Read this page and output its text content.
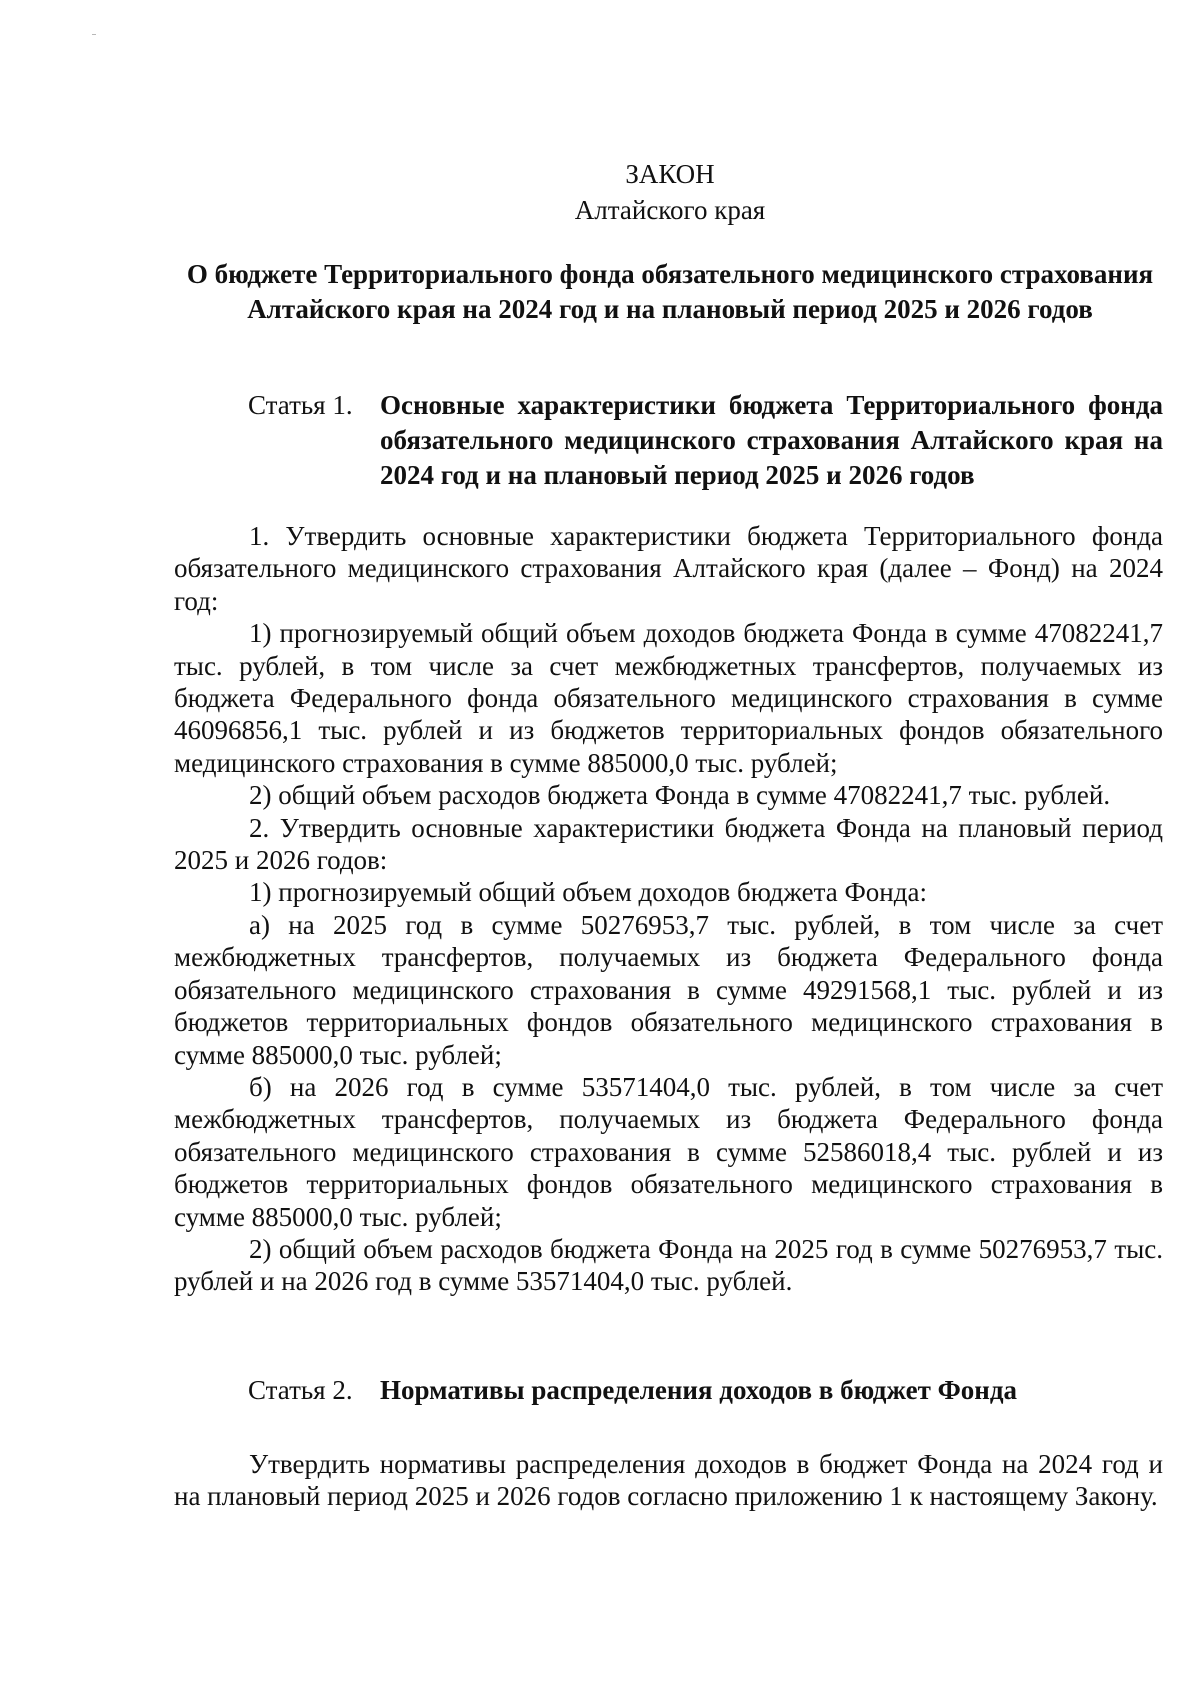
ЗАКОН
Алтайского края
О бюджете Территориального фонда обязательного медицинского страхования Алтайского края на 2024 год и на плановый период 2025 и 2026 годов
Статья 1.	Основные характеристики бюджета Территориального фонда обязательного медицинского страхования Алтайского края на 2024 год и на плановый период 2025 и 2026 годов

1. Утвердить основные характеристики бюджета Территориального фонда обязательного медицинского страхования Алтайского края (далее – Фонд) на 2024 год:

1) прогнозируемый общий объем доходов бюджета Фонда в сумме 47082241,7 тыс. рублей, в том числе за счет межбюджетных трансфертов, получаемых из бюджета Федерального фонда обязательного медицинского страхования в сумме 46096856,1 тыс. рублей и из бюджетов территориальных фондов обязательного медицинского страхования в сумме 885000,0 тыс. рублей;

2) общий объем расходов бюджета Фонда в сумме 47082241,7 тыс. рублей.

2. Утвердить основные характеристики бюджета Фонда на плановый период 2025 и 2026 годов:

1) прогнозируемый общий объем доходов бюджета Фонда:

а) на 2025 год в сумме 50276953,7 тыс. рублей, в том числе за счет межбюджетных трансфертов, получаемых из бюджета Федерального фонда обязательного медицинского страхования в сумме 49291568,1 тыс. рублей и из бюджетов территориальных фондов обязательного медицинского страхования в сумме 885000,0 тыс. рублей;

б) на 2026 год в сумме 53571404,0 тыс. рублей, в том числе за счет межбюджетных трансфертов, получаемых из бюджета Федерального фонда обязательного медицинского страхования в сумме 52586018,4 тыс. рублей и из бюджетов территориальных фондов обязательного медицинского страхования в сумме 885000,0 тыс. рублей;

2) общий объем расходов бюджета Фонда на 2025 год в сумме 50276953,7 тыс. рублей и на 2026 год в сумме 53571404,0 тыс. рублей.

Статья 2.	Нормативы распределения доходов в бюджет Фонда

Утвердить нормативы распределения доходов в бюджет Фонда на 2024 год и на плановый период 2025 и 2026 годов согласно приложению 1 к настоящему Закону.
